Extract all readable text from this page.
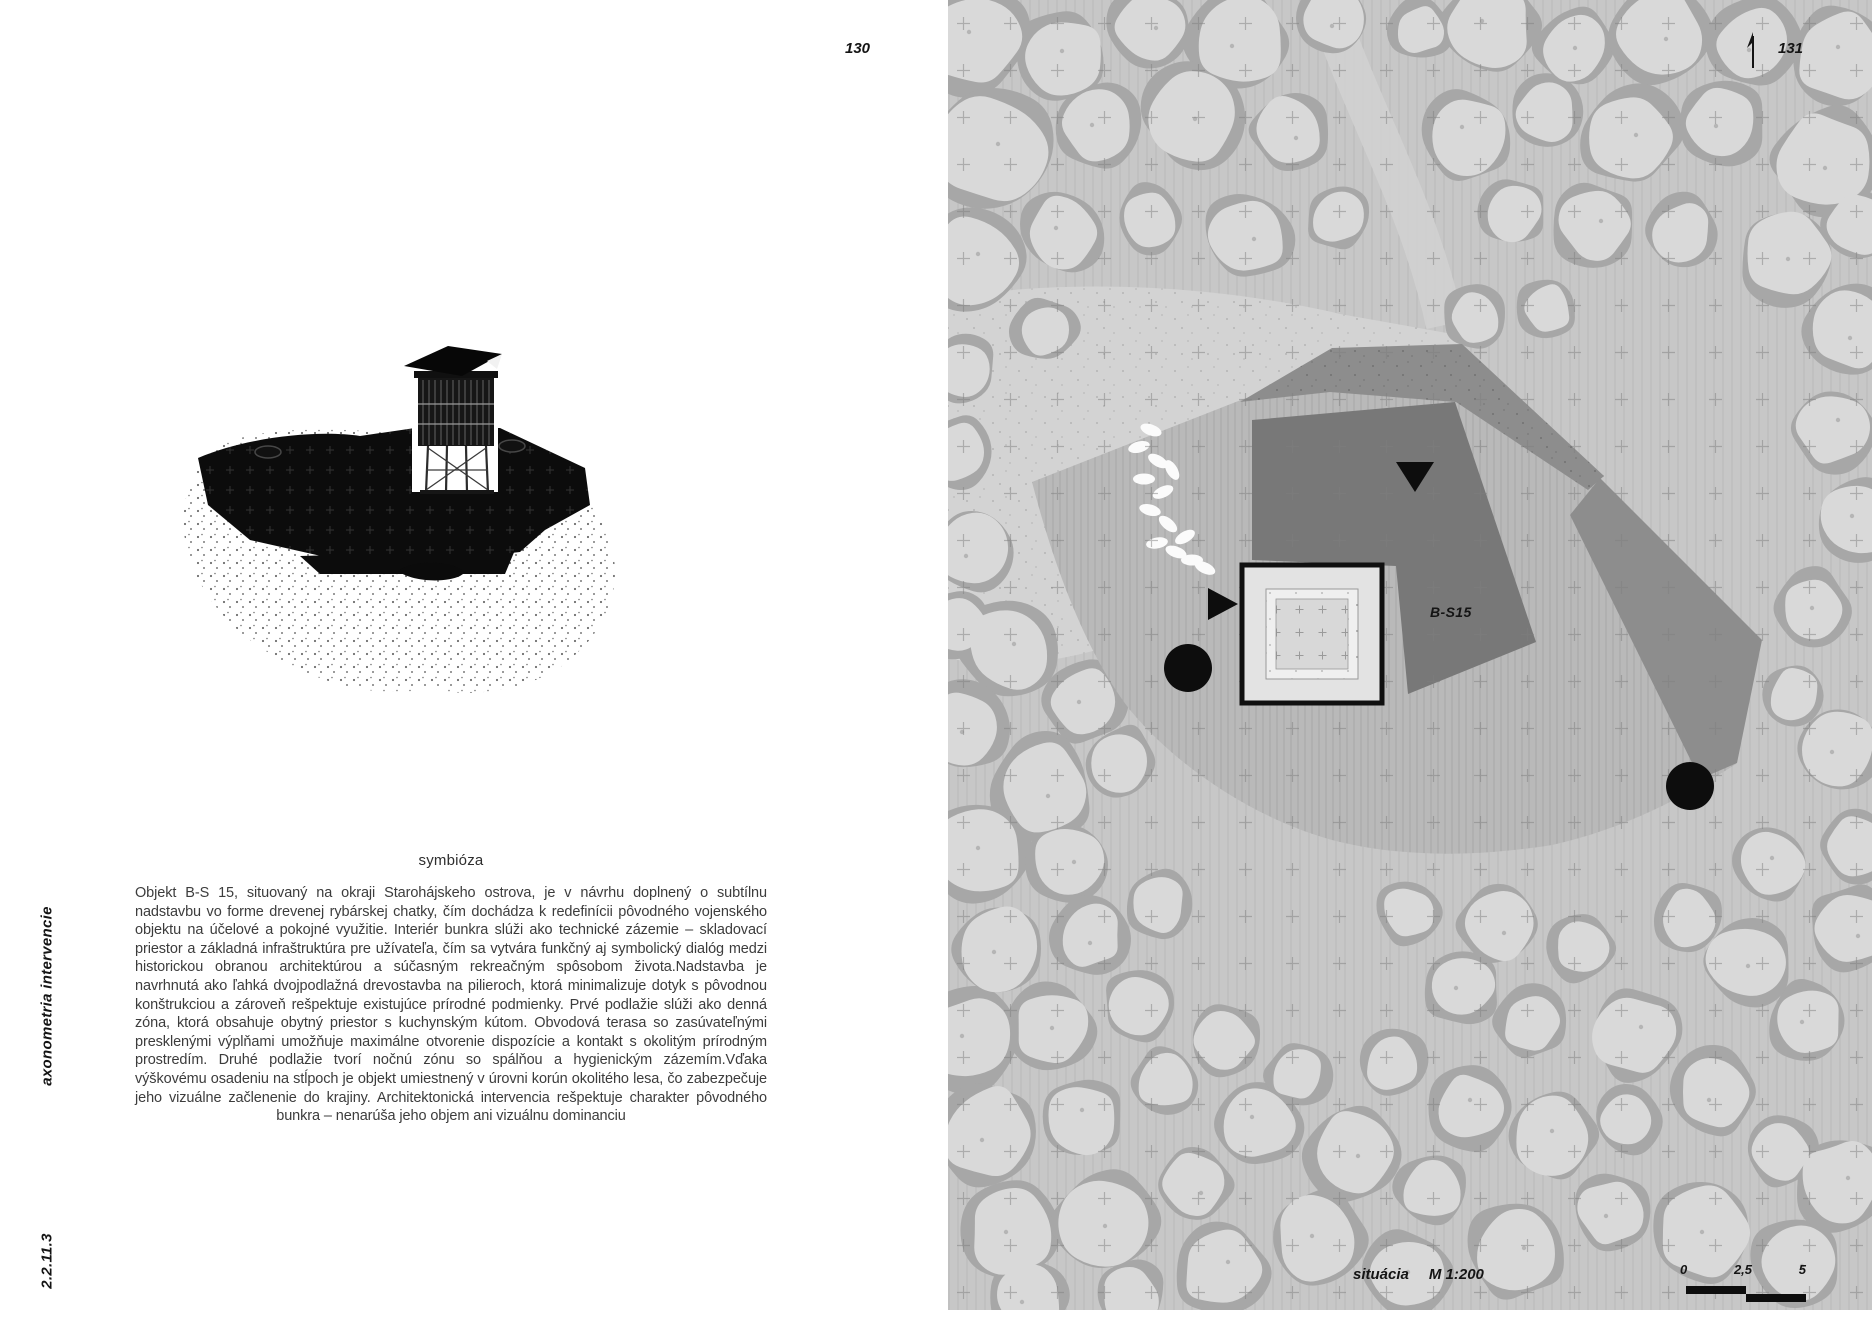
130
axonometria intervencie
2.2.11.3
symbióza
Objekt B-S 15, situovaný na okraji Starohájskeho ostrova, je v návrhu doplnený o subtílnu nadstavbu vo forme drevenej rybárskej chatky, čím dochádza k redefinícii pôvodného vojenského objektu na účelové a pokojné využitie. Interiér bunkra slúži ako technické zázemie – skladovací priestor a základná infraštruktúra pre užívateľa, čím sa vytvára funkčný aj symbolický dialóg medzi historickou obranou architektúrou a súčasným rekreačným spôsobom života.Nadstavba je navrhnutá ako ľahká dvojpodlažná drevostavba na pilieroch, ktorá minimalizuje dotyk s pôvodnou konštrukciou a zároveň rešpektuje existujúce prírodné podmienky. Prvé podlažie slúži ako denná zóna, ktorá obsahuje obytný priestor s kuchynským kútom. Obvodová terasa so zasúvateľnými presklenými výplňami umožňuje maximálne otvorenie dispozície a kontakt s okolitým prírodným prostredím. Druhé podlažie tvorí nočnú zónu so spálňou a hygienickým zázemím.Vďaka výškovému osadeniu na stĺpoch je objekt umiestnený v úrovni korún okolitého lesa, čo zabezpečuje jeho vizuálne začlenenie do krajiny. Architektonická intervencia rešpektuje charakter pôvodného bunkra – nenarúša jeho objem ani vizuálnu dominanciu
131
B-S15
situácia M 1:200	0	2,5	5
